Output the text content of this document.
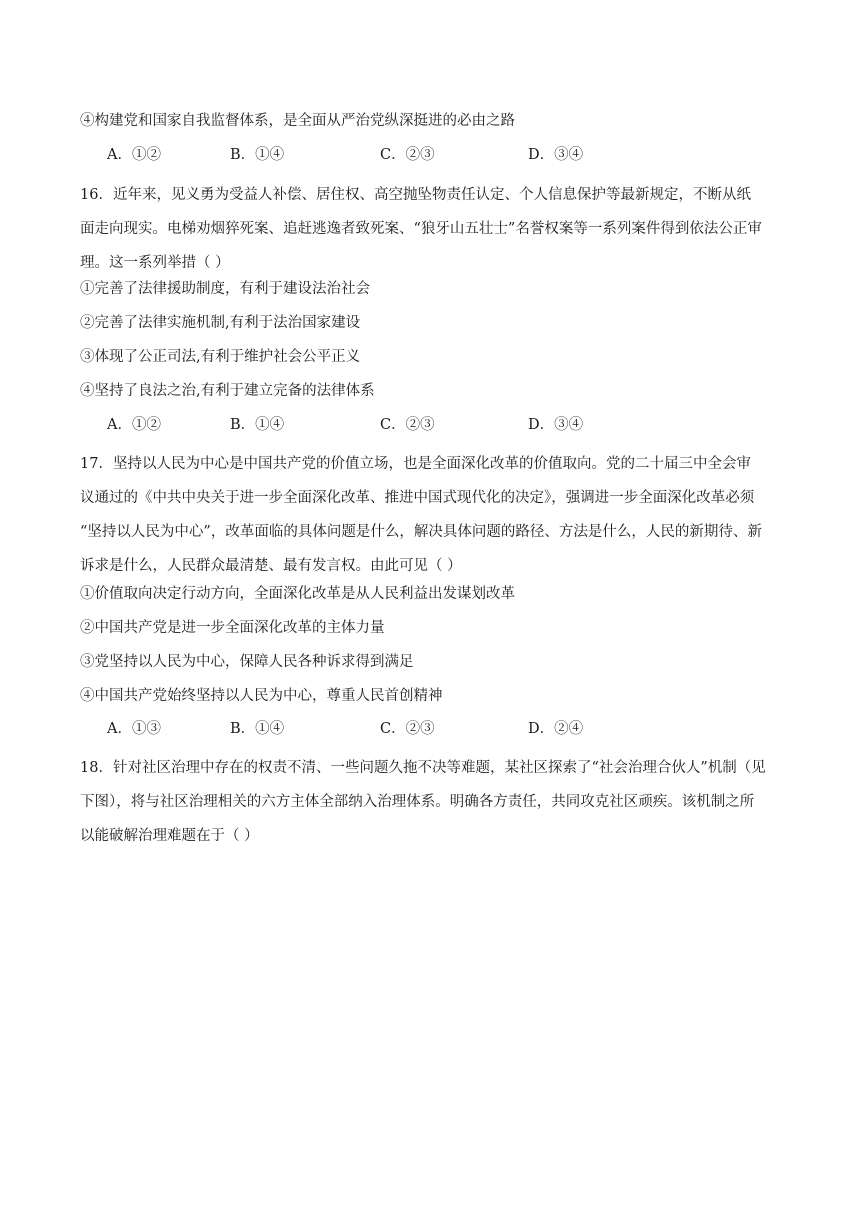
④构建党和国家自我监督体系，是全面从严治党纵深挺进的必由之路
A．①②	B．①④	C．②③	D．③④
16．近年来，见义勇为受益人补偿、居住权、高空抛坠物责任认定、个人信息保护等最新规定，不断从纸
面走向现实。电梯劝烟猝死案、追赶逃逸者致死案、“狼牙山五壮士”名誉权案等一系列案件得到依法公正审
理。这一系列举措（ ）
①完善了法律援助制度，有利于建设法治社会
②完善了法律实施机制,有利于法治国家建设
③体现了公正司法,有利于维护社会公平正义
④坚持了良法之治,有利于建立完备的法律体系
A．①②	B．①④	C．②③	D．③④
17．坚持以人民为中心是中国共产党的价值立场，也是全面深化改革的价值取向。党的二十届三中全会审
议通过的《中共中央关于进一步全面深化改革、推进中国式现代化的决定》，强调进一步全面深化改革必须
“坚持以人民为中心”，改革面临的具体问题是什么，解决具体问题的路径、方法是什么，人民的新期待、新
诉求是什么，人民群众最清楚、最有发言权。由此可见（ ）
①价值取向决定行动方向，全面深化改革是从人民利益出发谋划改革
②中国共产党是进一步全面深化改革的主体力量
③党坚持以人民为中心，保障人民各种诉求得到满足
④中国共产党始终坚持以人民为中心，尊重人民首创精神
A．①③	B．①④	C．②③	D．②④
18．针对社区治理中存在的权责不清、一些问题久拖不决等难题，某社区探索了“社会治理合伙人”机制（见
下图），将与社区治理相关的六方主体全部纳入治理体系。明确各方责任，共同攻克社区顽疾。该机制之所
以能破解治理难题在于（ ）
